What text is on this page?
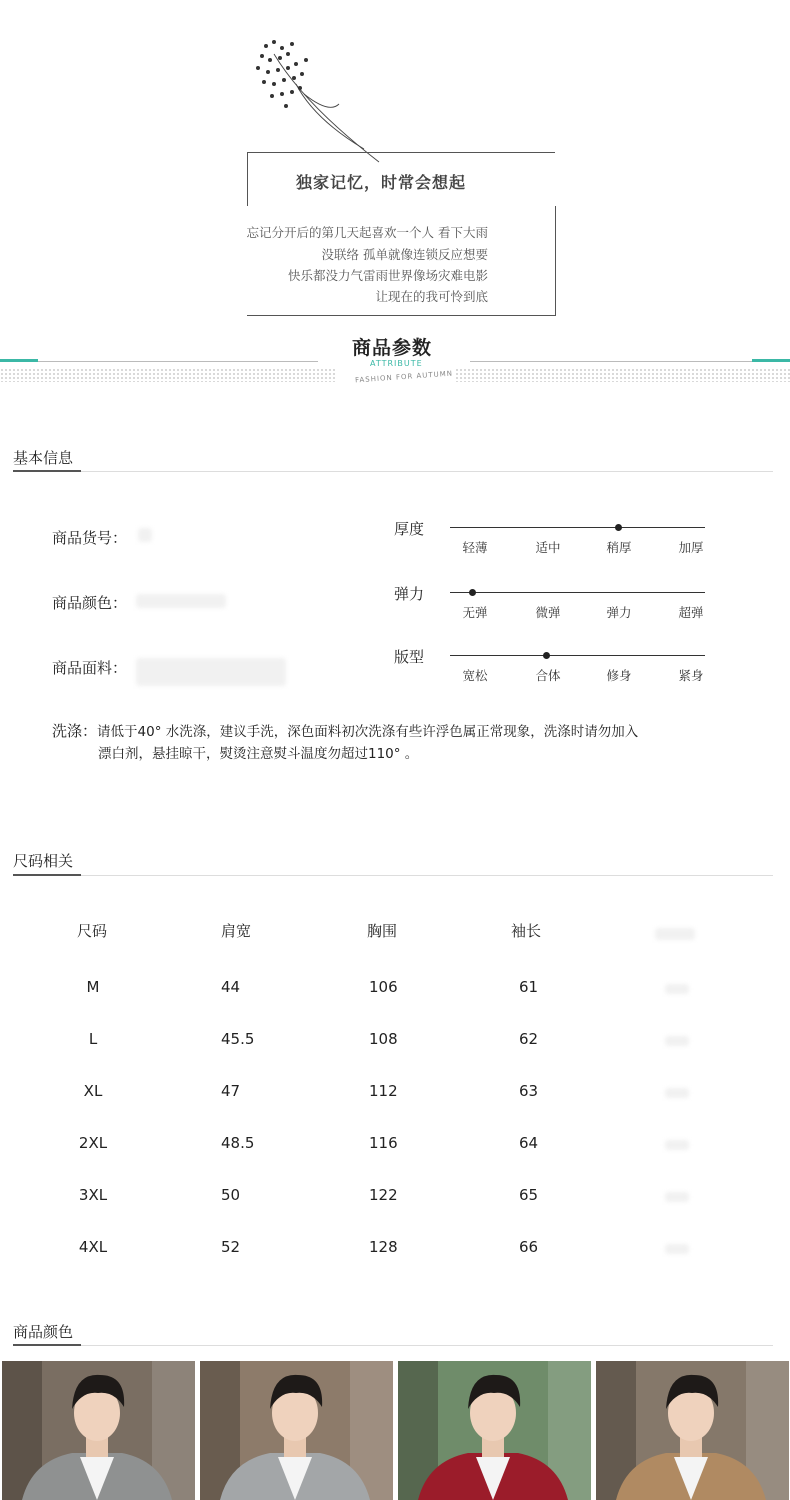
独家记忆，时常会想起
忘记分开后的第几天起喜欢一个人 看下大雨
没联络 孤单就像连锁反应想要
快乐都没力气雷雨世界像场灾难电影
让现在的我可怜到底
商品参数
ATTRIBUTE
FASHION FOR AUTUMN
基本信息
商品货号：
商品颜色：
商品面料：
厚度
轻薄	适中	稍厚	加厚
弹力
无弹	微弹	弹力	超弹
版型
宽松	合体	修身	紧身
洗涤：请低于40° 水洗涤，建议手洗，深色面料初次洗涤有些许浮色属正常现象，洗涤时请勿加入
漂白剂，悬挂晾干，熨烫注意熨斗温度勿超过110° 。
尺码相关
尺码	肩宽	胸围	袖长
M	44	106	61
L	45.5	108	62
XL	47	112	63
2XL	48.5	116	64
3XL	50	122	65
4XL	52	128	66
商品颜色
